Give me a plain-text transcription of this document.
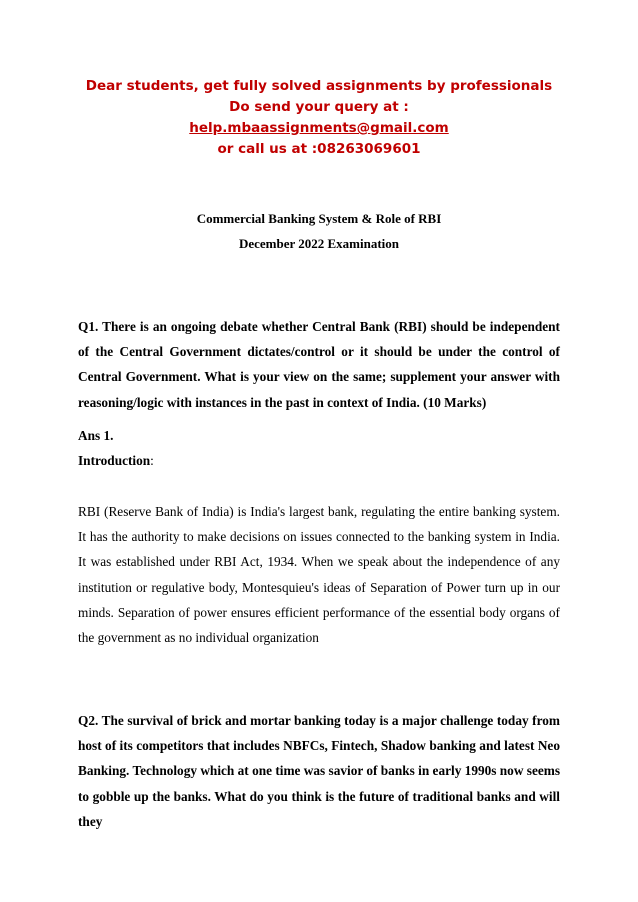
Dear students, get fully solved assignments by professionals
Do send your query at :
help.mbaassignments@gmail.com
or call us at :08263069601
Commercial Banking System & Role of RBI
December 2022 Examination

Q1. There is an ongoing debate whether Central Bank (RBI) should be independent of the Central Government dictates/control or it should be under the control of Central Government. What is your view on the same; supplement your answer with reasoning/logic with instances in the past in context of India. (10 Marks)

Ans 1.
Introduction:

RBI (Reserve Bank of India) is India's largest bank, regulating the entire banking system. It has the authority to make decisions on issues connected to the banking system in India. It was established under RBI Act, 1934. When we speak about the independence of any institution or regulative body, Montesquieu's ideas of Separation of Power turn up in our minds. Separation of power ensures efficient performance of the essential body organs of the government as no individual organization

Q2. The survival of brick and mortar banking today is a major challenge today from host of its competitors that includes NBFCs, Fintech, Shadow banking and latest Neo Banking. Technology which at one time was savior of banks in early 1990s now seems to gobble up the banks. What do you think is the future of traditional banks and will they
